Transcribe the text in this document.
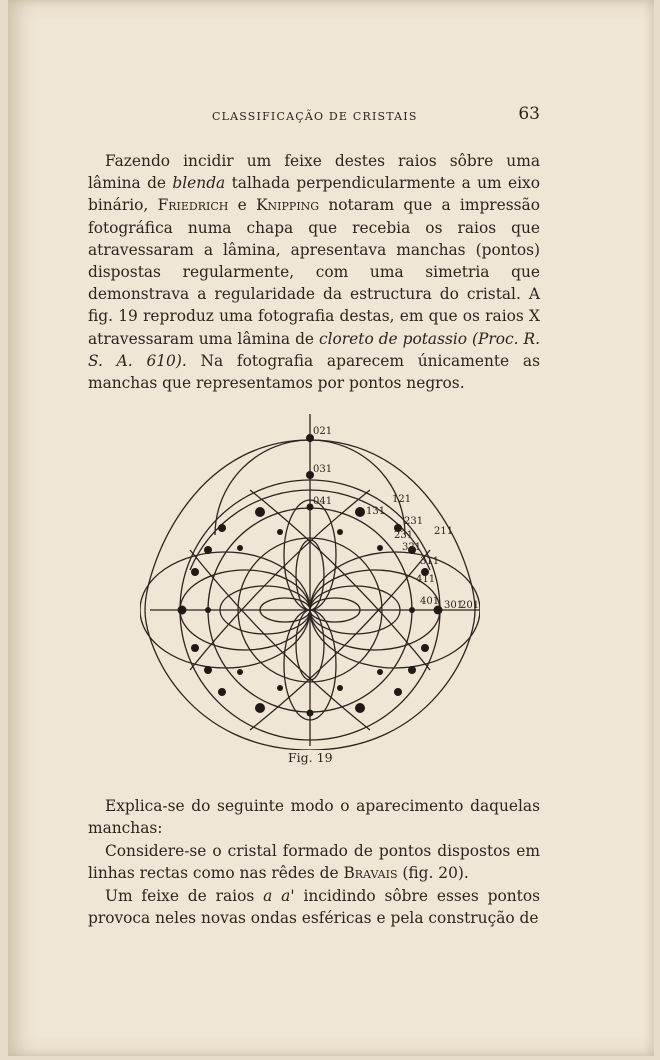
CLASSIFICAÇÃO DE CRISTAIS	63

Fazendo incidir um feixe destes raios sôbre uma lâmina de blenda talhada perpendicularmente a um eixo binário, Friedrich e Knipping notaram que a impressão fotográfica numa chapa que recebia os raios que atravessaram a lâmina, apresentava manchas (pontos) dispostas regularmente, com uma simetria que demonstrava a regularidade da estructura do cristal. A fig. 19 reproduz uma fotografia destas, em que os raios X atravessaram uma lâmina de cloreto de potassio (Proc. R. S. A. 610). Na fotografia aparecem únicamente as manchas que representamos por pontos negros.

021
031
041	121
131
231
231 211
321
311
411
401 301
201
Fig. 19

Explica-se do seguinte modo o aparecimento daquelas manchas:

Considere-se o cristal formado de pontos dispostos em linhas rectas como nas rêdes de Bravais (fig. 20).

Um feixe de raios a a' incidindo sôbre esses pontos provoca neles novas ondas esféricas e pela construção de
